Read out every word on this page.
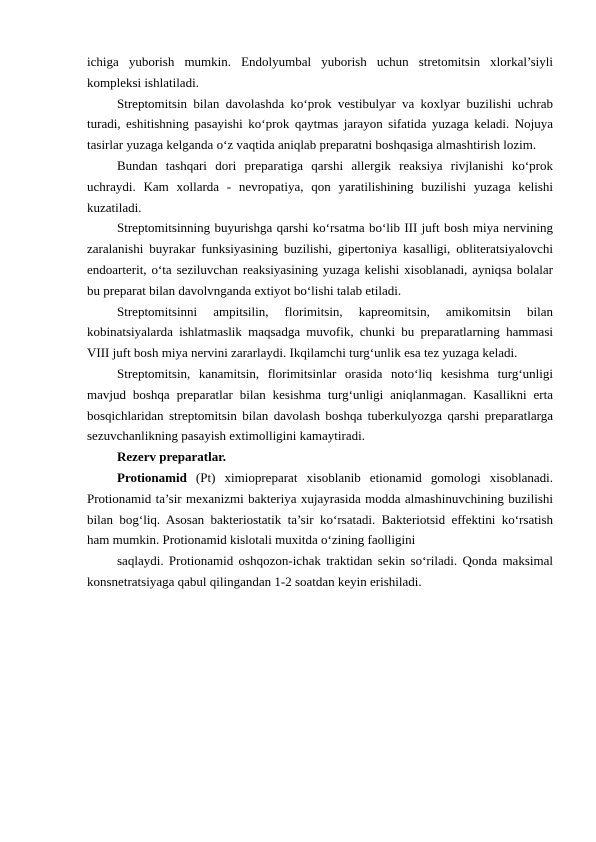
ichiga yuborish mumkin. Endolyumbal yuborish uchun stretomitsin xlorkal’siyli kompleksi ishlatiladi.

Streptomitsin bilan davolashda ko‘prok vestibulyar va koxlyar buzilishi uchrab turadi, eshitishning pasayishi ko‘prok qaytmas jarayon sifatida yuzaga keladi. Nojuya tasirlar yuzaga kelganda o‘z vaqtida aniqlab preparatni boshqasiga almashtirish lozim.

Bundan tashqari dori preparatiga qarshi allergik reaksiya rivjlanishi ko‘prok uchraydi. Kam xollarda - nevropatiya, qon yaratilishining buzilishi yuzaga kelishi kuzatiladi.

Streptomitsinning buyurishga qarshi ko‘rsatma bo‘lib III juft bosh miya nervining zaralanishi buyrakar funksiyasining buzilishi, gipertoniya kasalligi, obliteratsiyalovchi endoarterit, o‘ta seziluvchan reaksiyasining yuzaga kelishi xisoblanadi, ayniqsa bolalar bu preparat bilan davolvnganda extiyot bo‘lishi talab etiladi.

Streptomitsinni ampitsilin, florimitsin, kapreomitsin, amikomitsin bilan kobinatsiyalarda ishlatmaslik maqsadga muvofik, chunki bu preparatlarning hammasi VIII juft bosh miya nervini zararlaydi. Ikqilamchi turg‘unlik esa tez yuzaga keladi.

Streptomitsin, kanamitsin, florimitsinlar orasida noto‘liq kesishma turg‘unligi mavjud boshqa preparatlar bilan kesishma turg‘unligi aniqlanmagan. Kasallikni erta bosqichlaridan streptomitsin bilan davolash boshqa tuberkulyozga qarshi preparatlarga sezuvchanlikning pasayish extimolligini kamaytiradi.

Rezerv preparatlar.

Protionamid (Pt) ximiopreparat xisoblanib etionamid gomologi xisoblanadi. Protionamid ta’sir mexanizmi bakteriya xujayrasida modda almashinuvchining buzilishi bilan bog‘liq. Asosan bakteriostatik ta’sir ko‘rsatadi. Bakteriotsid effektini ko‘rsatish ham mumkin. Protionamid kislotali muxitda o‘zining faolligini

saqlaydi. Protionamid oshqozon-ichak traktidan sekin so‘riladi. Qonda maksimal konsnetratsiyaga qabul qilingandan 1-2 soatdan keyin erishiladi.
